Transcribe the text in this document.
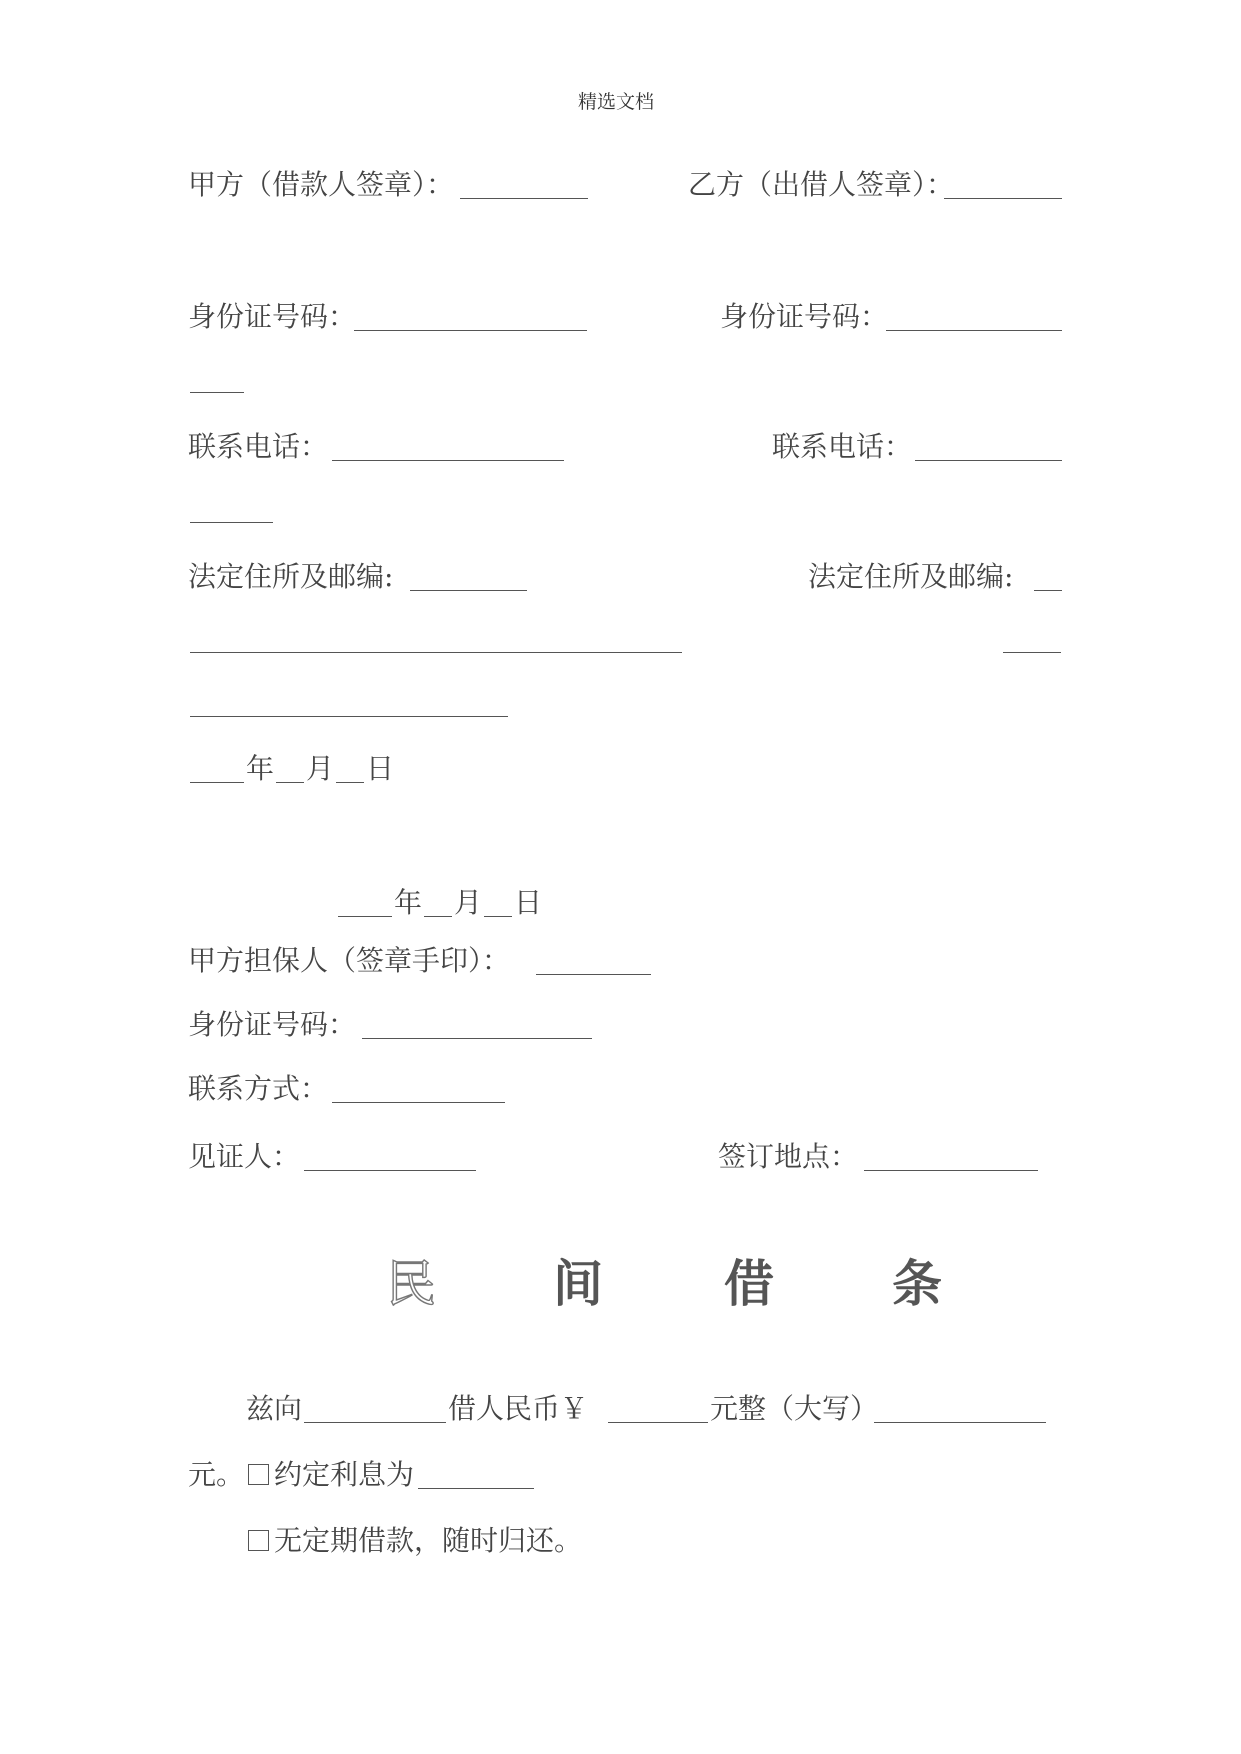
精选文档
甲方（借款人签章）：	乙方（出借人签章）：
身份证号码：	身份证号码：
联系电话：	联系电话：
法定住所及邮编:	法定住所及邮编:
年 月 日
年 月 日
甲方担保人（签章手印）：
身份证号码：
联系方式：
见证人：	签订地点：
民 间 借 条
兹向	借人民币￥	元整（大写）
元。 约定利息为
无定期借款，随时归还。
